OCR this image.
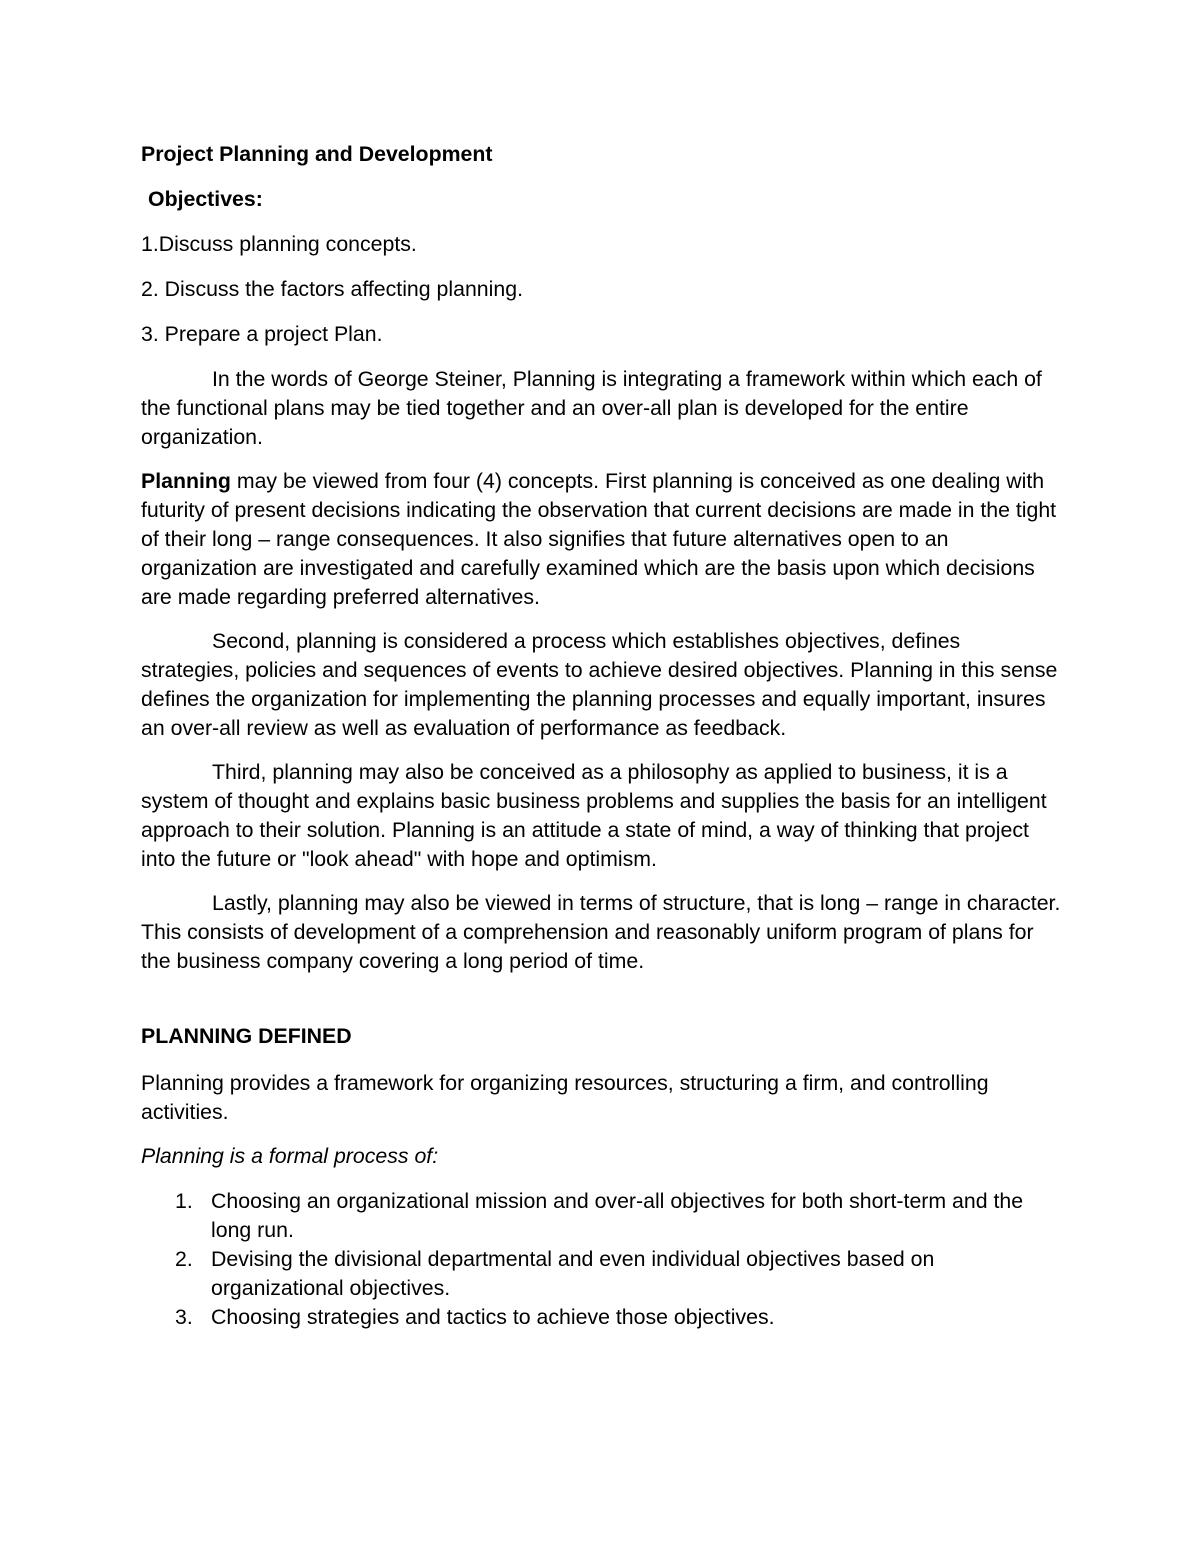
Project Planning and Development
Objectives:
1.Discuss planning concepts.
2. Discuss the factors affecting planning.
3. Prepare a project Plan.
In the words of George Steiner, Planning is integrating a framework within which each of the functional plans may be tied together and an over-all plan is developed for the entire organization.
Planning may be viewed from four (4) concepts. First planning is conceived as one dealing with futurity of present decisions indicating the observation that current decisions are made in the tight of their long – range consequences. It also signifies that future alternatives open to an organization are investigated and carefully examined which are the basis upon which decisions are made regarding preferred alternatives.
Second, planning is considered a process which establishes objectives, defines strategies, policies and sequences of events to achieve desired objectives. Planning in this sense defines the organization for implementing the planning processes and equally important, insures an over-all review as well as evaluation of performance as feedback.
Third, planning may also be conceived as a philosophy as applied to business, it is a system of thought and explains basic business problems and supplies the basis for an intelligent approach to their solution. Planning is an attitude a state of mind, a way of thinking that project into the future or "look ahead" with hope and optimism.
Lastly, planning may also be viewed in terms of structure, that is long – range in character. This consists of development of a comprehension and reasonably uniform program of plans for the business company covering a long period of time.
PLANNING DEFINED
Planning provides a framework for organizing resources, structuring a firm, and controlling activities.
Planning is a formal process of:
1. Choosing an organizational mission and over-all objectives for both short-term and the long run.
2. Devising the divisional departmental and even individual objectives based on organizational objectives.
3. Choosing strategies and tactics to achieve those objectives.
